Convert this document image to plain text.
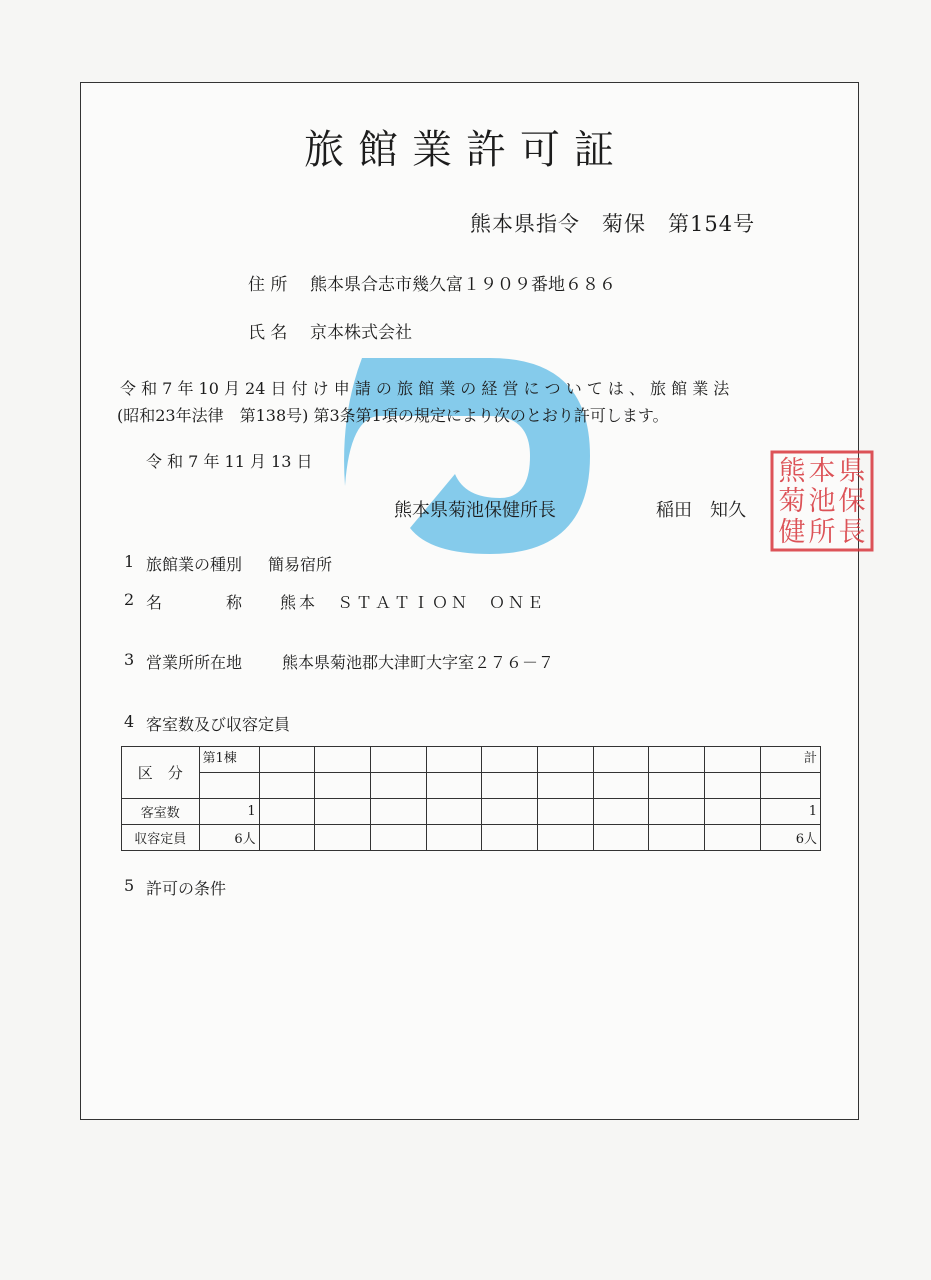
旅館業許可証
熊本県指令　菊保　第154号
住 所 熊本県合志市幾久富１９０９番地６８６
氏 名 京本株式会社
令 和 7 年 10 月 24 日 付 け 申 請 の 旅 館 業 の 経 営 に つ い て は 、 旅 館 業 法
(昭和23年法律　第138号) 第3条第1項の規定により次のとおり許可します。
令 和 7 年 11 月 13 日
熊本県菊池保健所長	稲田　知久
県
保
長
本
池
所
熊
菊
健
1 旅館業の種別 簡易宿所
2 名　　　　称 熊本　ＳＴＡＴＩＯＮ　ＯＮＥ
3 営業所所在地 熊本県菊池郡大津町大字室２７６－７
4 客室数及び収容定員
区　分	第1棟										計

客室数	1										1
収容定員	6人										6人
5 許可の条件
